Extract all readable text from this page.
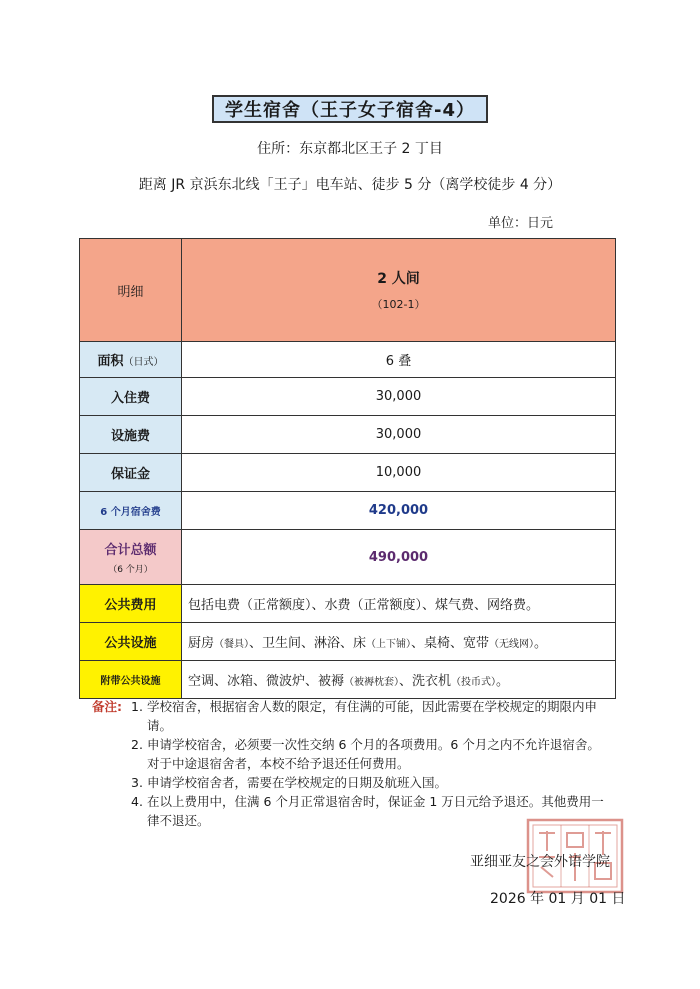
学生宿舍（王子女子宿舍-4）
住所：东京都北区王子 2 丁目
距离 JR 京浜东北线「王子」电车站、徒步 5 分（离学校徒步 4 分）
单位：日元
明细	2 人间
（102-1）

面积（日式）	6 叠
入住费	30,000
设施费	30,000
保证金	10,000
6 个月宿舍费	420,000

合计总额
（6 个月）	490,000
公共费用	包括电费（正常额度）、水费（正常额度）、煤气费、网络费。
公共设施	厨房（餐具）、卫生间、淋浴、床（上下铺）、桌椅、宽带（无线网）。
附带公共设施	空调、冰箱、微波炉、被褥（被褥枕套）、洗衣机（投币式）。
备注: 1. 学校宿舍，根据宿舍人数的限定，有住满的可能，因此需要在学校规定的期限内申请。
2. 申请学校宿舍，必须要一次性交纳 6 个月的各项费用。6 个月之内不允许退宿舍。对于中途退宿舍者，本校不给予退还任何费用。
3. 申请学校宿舍者，需要在学校规定的日期及航班入国。
4. 在以上费用中，住满 6 个月正常退宿舍时，保证金 1 万日元给予退还。其他费用一律不退还。
亚细亚友之会外语学院
2026 年 01 月 01 日
